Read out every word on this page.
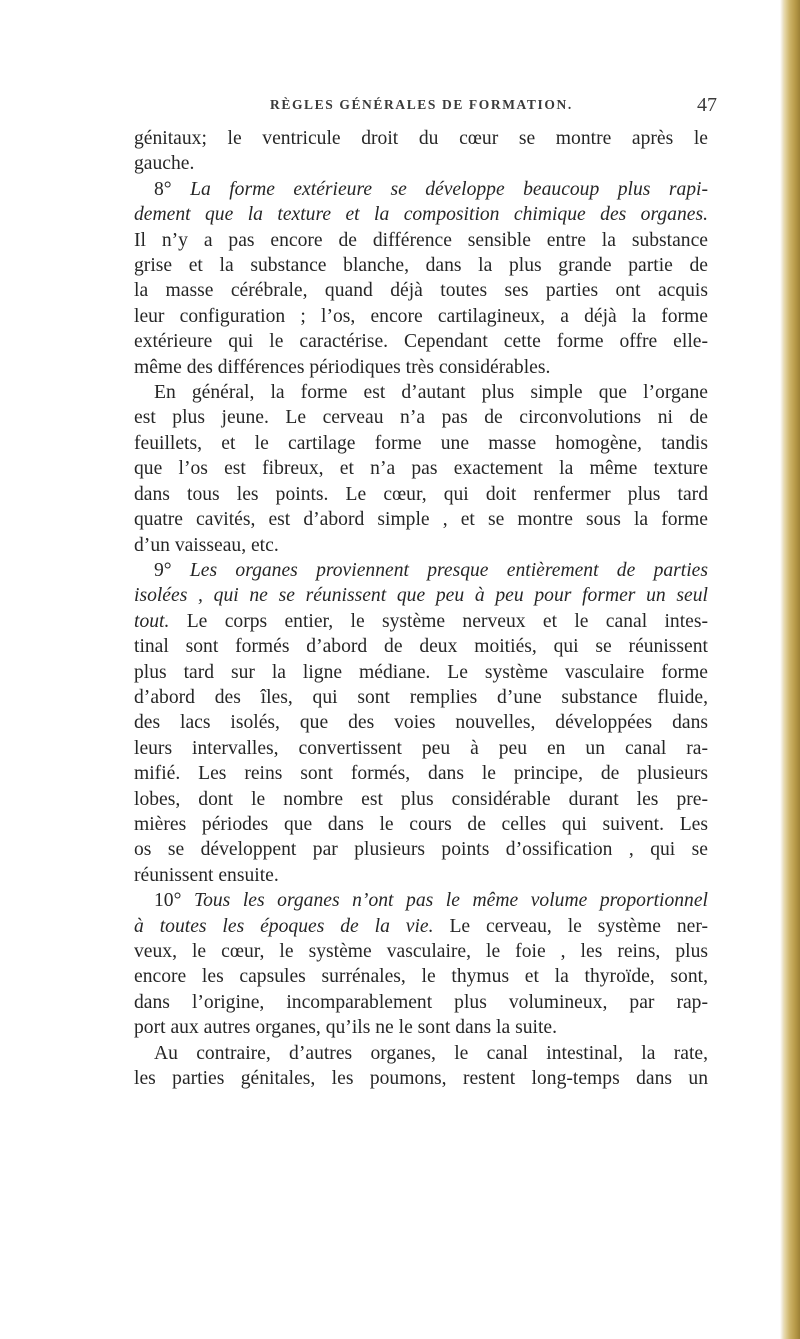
RÈGLES GÉNÉRALES DE FORMATION.	47
génitaux; le ventricule droit du cœur se montre après le
gauche.
8° La forme extérieure se développe beaucoup plus rapi-
dement que la texture et la composition chimique des organes.
Il n’y a pas encore de différence sensible entre la substance
grise et la substance blanche, dans la plus grande partie de
la masse cérébrale, quand déjà toutes ses parties ont acquis
leur configuration ; l’os, encore cartilagineux, a déjà la forme
extérieure qui le caractérise. Cependant cette forme offre elle-
même des différences périodiques très considérables.
En général, la forme est d’autant plus simple que l’organe
est plus jeune. Le cerveau n’a pas de circonvolutions ni de
feuillets, et le cartilage forme une masse homogène, tandis
que l’os est fibreux, et n’a pas exactement la même texture
dans tous les points. Le cœur, qui doit renfermer plus tard
quatre cavités, est d’abord simple , et se montre sous la forme
d’un vaisseau, etc.
9° Les organes proviennent presque entièrement de parties
isolées , qui ne se réunissent que peu à peu pour former un seul
tout. Le corps entier, le système nerveux et le canal intes-
tinal sont formés d’abord de deux moitiés, qui se réunissent
plus tard sur la ligne médiane. Le système vasculaire forme
d’abord des îles, qui sont remplies d’une substance fluide,
des lacs isolés, que des voies nouvelles, développées dans
leurs intervalles, convertissent peu à peu en un canal ra-
mifié. Les reins sont formés, dans le principe, de plusieurs
lobes, dont le nombre est plus considérable durant les pre-
mières périodes que dans le cours de celles qui suivent. Les
os se développent par plusieurs points d’ossification , qui se
réunissent ensuite.
10° Tous les organes n’ont pas le même volume proportionnel
à toutes les époques de la vie. Le cerveau, le système ner-
veux, le cœur, le système vasculaire, le foie , les reins, plus
encore les capsules surrénales, le thymus et la thyroïde, sont,
dans l’origine, incomparablement plus volumineux, par rap-
port aux autres organes, qu’ils ne le sont dans la suite.
Au contraire, d’autres organes, le canal intestinal, la rate,
les parties génitales, les poumons, restent long-temps dans un
